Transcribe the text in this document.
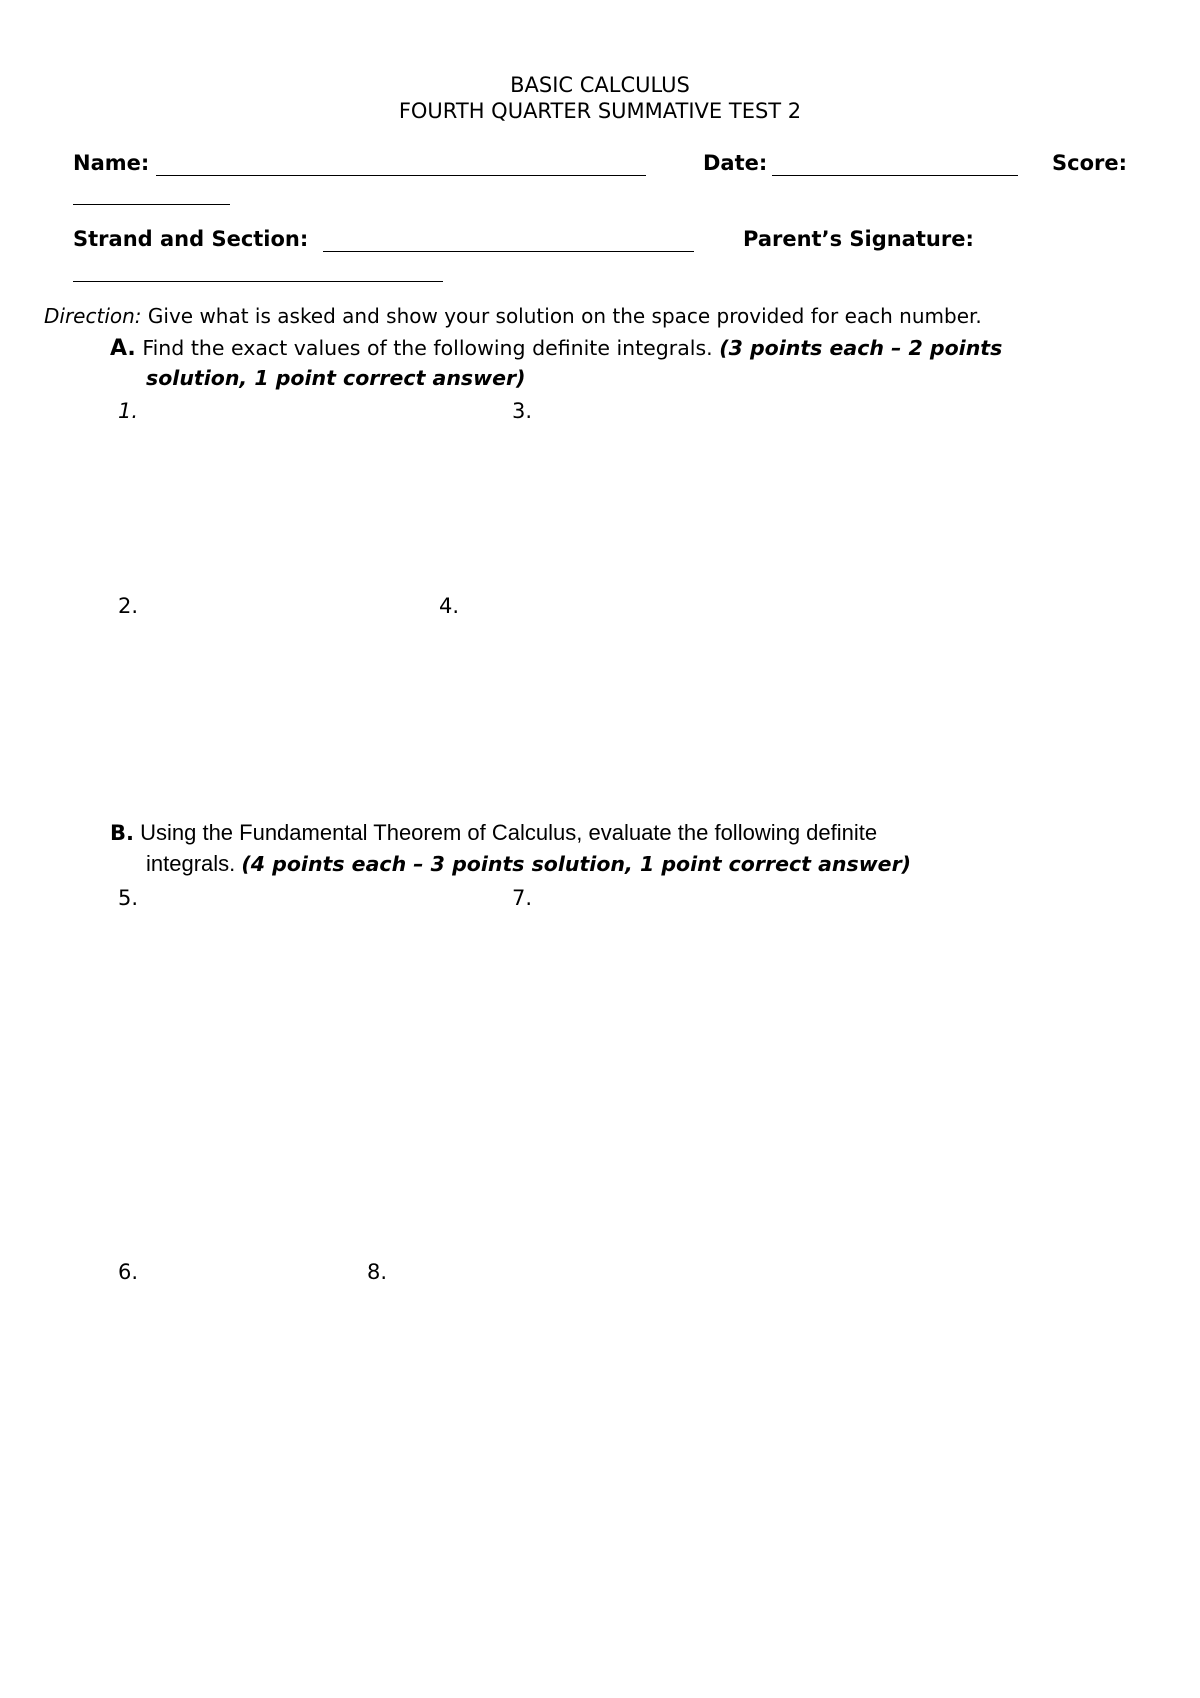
BASIC CALCULUS
FOURTH QUARTER SUMMATIVE TEST 2
Name:	Date:	Score:
Strand and Section:	Parent’s Signature:
Direction: Give what is asked and show your solution on the space provided for each number.
A. Find the exact values of the following definite integrals. (3 points each – 2 points
solution, 1 point correct answer)
1.	3.
2.	4.
B. Using the Fundamental Theorem of Calculus, evaluate the following definite
integrals. (4 points each – 3 points solution, 1 point correct answer)
5.	7.
6.	8.
